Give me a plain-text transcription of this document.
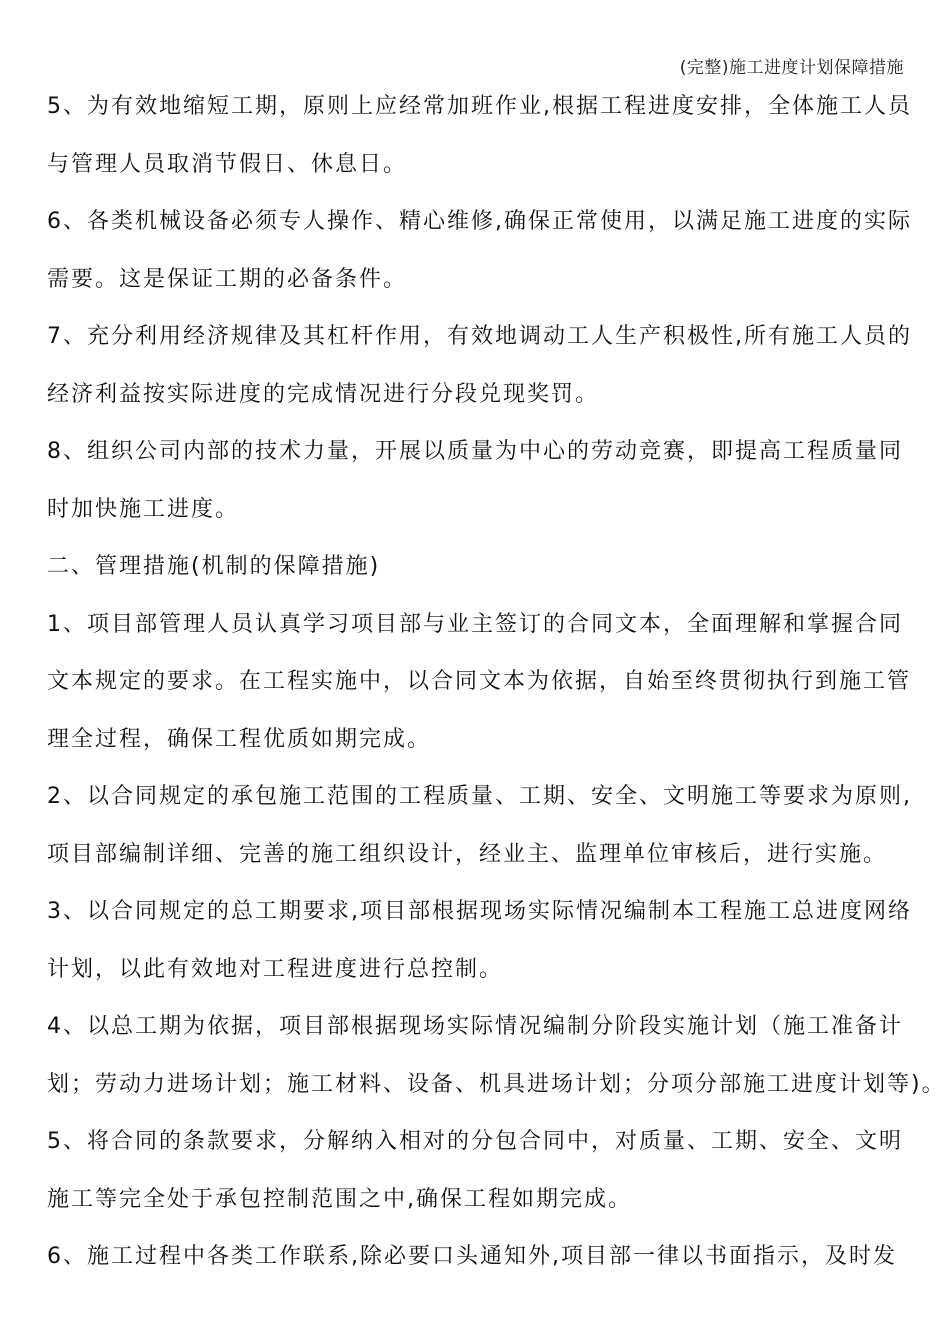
(完整)施工进度计划保障措施

5、为有效地缩短工期，原则上应经常加班作业,根据工程进度安排，全体施工人员
与管理人员取消节假日、休息日。

6、各类机械设备必须专人操作、精心维修,确保正常使用，以满足施工进度的实际
需要。这是保证工期的必备条件。

7、充分利用经济规律及其杠杆作用，有效地调动工人生产积极性,所有施工人员的
经济利益按实际进度的完成情况进行分段兑现奖罚。

8、组织公司内部的技术力量，开展以质量为中心的劳动竞赛，即提高工程质量同
时加快施工进度。

二、管理措施(机制的保障措施)

1、项目部管理人员认真学习项目部与业主签订的合同文本，全面理解和掌握合同
文本规定的要求。在工程实施中，以合同文本为依据，自始至终贯彻执行到施工管
理全过程，确保工程优质如期完成。

2、以合同规定的承包施工范围的工程质量、工期、安全、文明施工等要求为原则,
项目部编制详细、完善的施工组织设计，经业主、监理单位审核后，进行实施。

3、以合同规定的总工期要求,项目部根据现场实际情况编制本工程施工总进度网络
计划，以此有效地对工程进度进行总控制。

4、以总工期为依据，项目部根据现场实际情况编制分阶段实施计划（施工准备计
划；劳动力进场计划；施工材料、设备、机具进场计划；分项分部施工进度计划等)。

5、将合同的条款要求，分解纳入相对的分包合同中，对质量、工期、安全、文明
施工等完全处于承包控制范围之中,确保工程如期完成。

6、施工过程中各类工作联系,除必要口头通知外,项目部一律以书面指示，及时发
